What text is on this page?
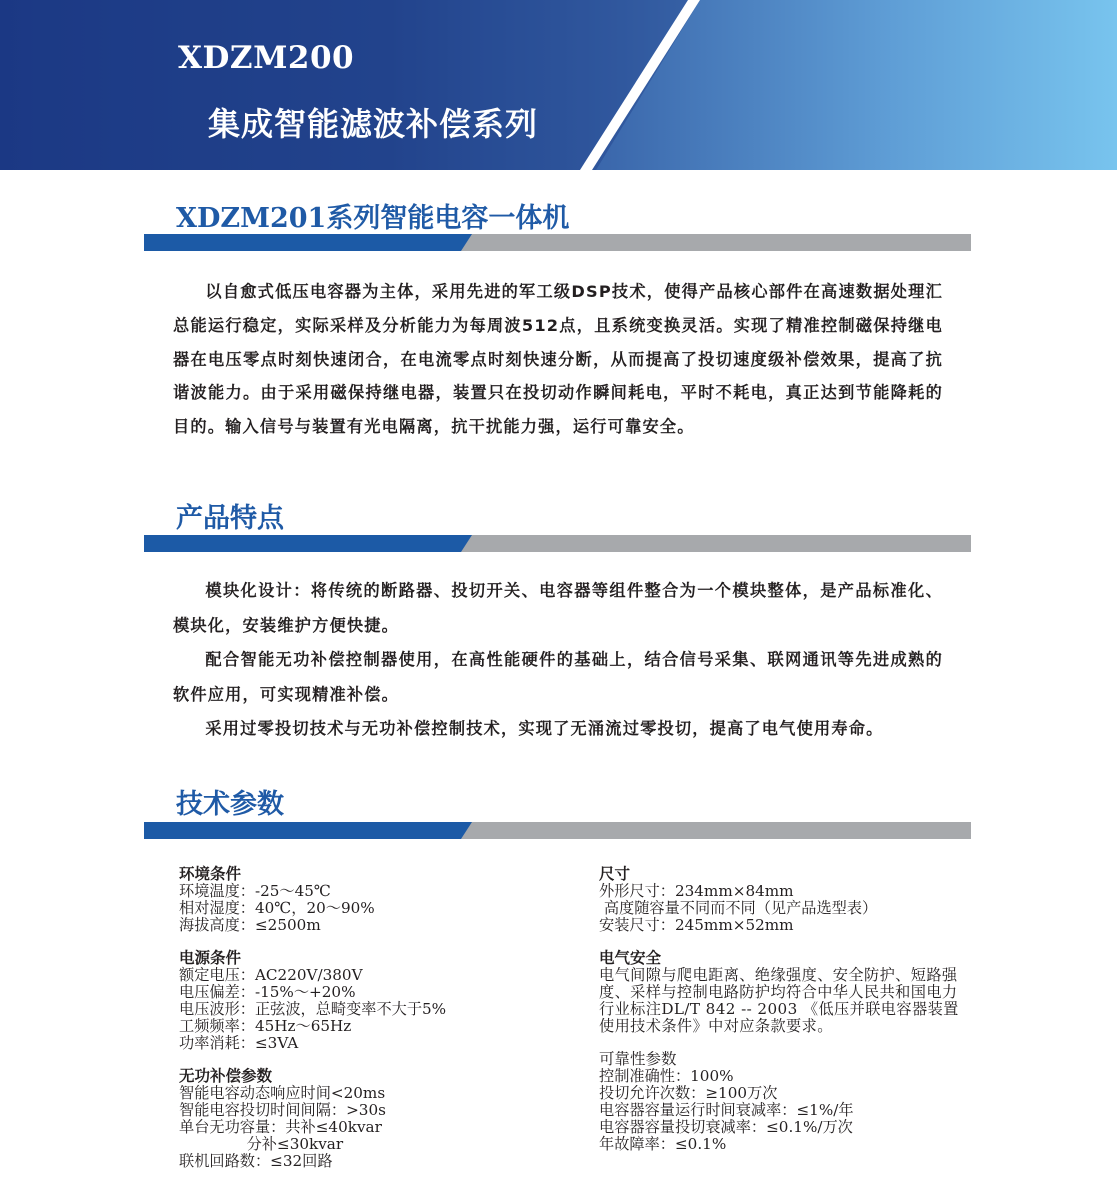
XDZM200
集成智能滤波补偿系列
XDZM201系列智能电容一体机

以自愈式低压电容器为主体，采用先进的军工级DSP技术，使得产品核心部件在高速数据处理汇总能运行稳定，实际采样及分析能力为每周波512点，且系统变换灵活。实现了精准控制磁保持继电器在电压零点时刻快速闭合，在电流零点时刻快速分断，从而提高了投切速度级补偿效果，提高了抗谐波能力。由于采用磁保持继电器，装置只在投切动作瞬间耗电，平时不耗电，真正达到节能降耗的目的。输入信号与装置有光电隔离，抗干扰能力强，运行可靠安全。

产品特点

模块化设计：将传统的断路器、投切开关、电容器等组件整合为一个模块整体，是产品标准化、模块化，安装维护方便快捷。

配合智能无功补偿控制器使用，在高性能硬件的基础上，结合信号采集、联网通讯等先进成熟的软件应用，可实现精准补偿。

采用过零投切技术与无功补偿控制技术，实现了无涌流过零投切，提高了电气使用寿命。

技术参数
环境条件
环境温度：-25～45℃
相对湿度：40℃，20～90%
海拔高度：≤2500m
电源条件
额定电压：AC220V/380V
电压偏差：-15%～+20%
电压波形：正弦波，总畸变率不大于5%
工频频率：45Hz～65Hz
功率消耗：≤3VA
无功补偿参数
智能电容动态响应时间<20ms
智能电容投切时间间隔：>30s
单台无功容量：共补≤40kvar
分补≤30kvar
联机回路数：≤32回路
尺寸
外形尺寸：234mm×84mm
高度随容量不同而不同（见产品选型表）
安装尺寸：245mm×52mm
电气安全
电气间隙与爬电距离、绝缘强度、安全防护、短路强度、采样与控制电路防护均符合中华人民共和国电力行业标注DL/T 842 -- 2003 《低压并联电容器装置使用技术条件》中对应条款要求。
可靠性参数
控制准确性：100%
投切允许次数：≥100万次
电容器容量运行时间衰减率：≤1%/年
电容器容量投切衰减率：≤0.1%/万次
年故障率：≤0.1%
